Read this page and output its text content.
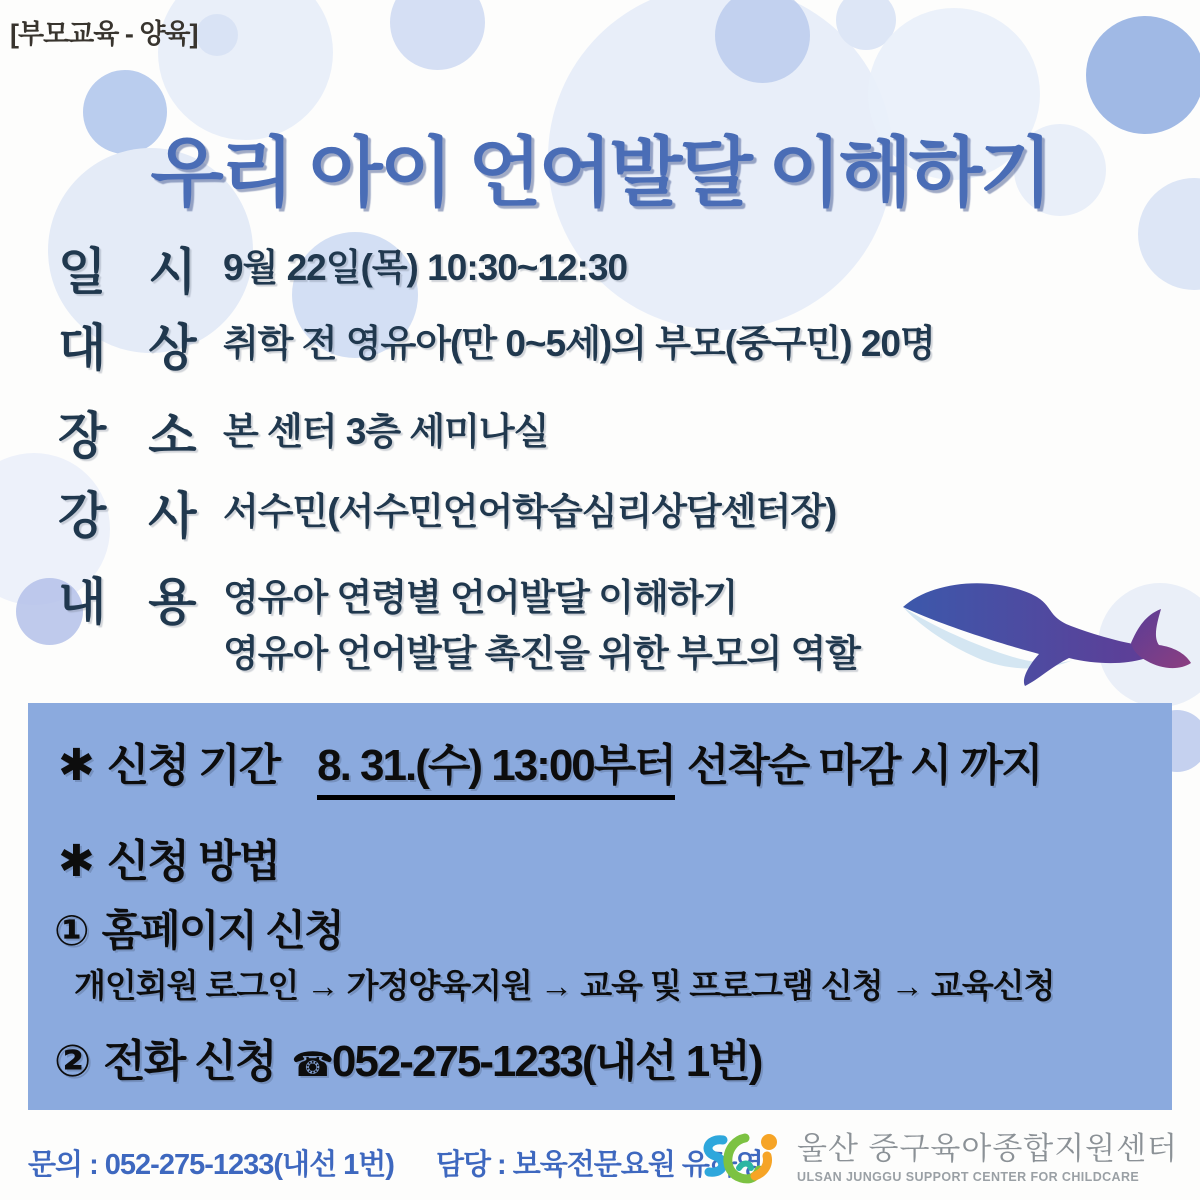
[부모교육 - 양육]
우리 아이 언어발달 이해하기
일 시 9월 22일(목) 10:30~12:30
대 상 취학 전 영유아(만 0~5세)의 부모(중구민) 20명
장 소 본 센터 3층 세미나실
강 사 서수민(서수민언어학습심리상담센터장)
내 용 영유아 연령별 언어발달 이해하기
영유아 언어발달 촉진을 위한 부모의 역할
✱ 신청 기간 8. 31.(수) 13:00부터 선착순 마감 시 까지
✱ 신청 방법
① 홈페이지 신청
개인회원 로그인 → 가정양육지원 → 교육 및 프로그램 신청 → 교육신청
② 전화 신청 ☎052-275-1233(내선 1번)
문의 : 052-275-1233(내선 1번) 담당 : 보육전문요원 유하영 울산 중구육아종합지원센터
ULSAN JUNGGU SUPPORT CENTER FOR CHILDCARE
